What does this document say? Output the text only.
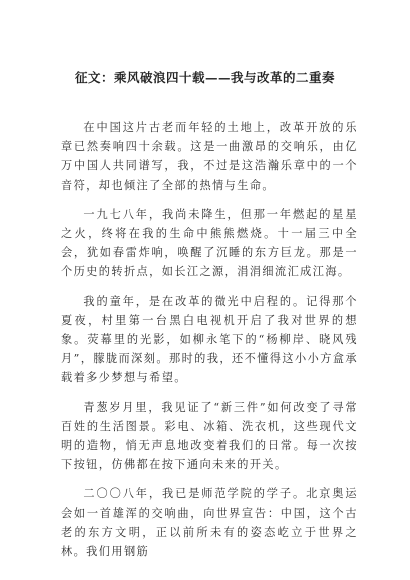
征文：乘风破浪四十载——我与改革的二重奏

在中国这片古老而年轻的土地上，改革开放的乐章已然奏响四十余载。这是一曲激昂的交响乐，由亿万中国人共同谱写，我，不过是这浩瀚乐章中的一个音符，却也倾注了全部的热情与生命。

一九七八年，我尚未降生，但那一年燃起的星星之火，终将在我的生命中熊熊燃烧。十一届三中全会，犹如春雷炸响，唤醒了沉睡的东方巨龙。那是一个历史的转折点，如长江之源，涓涓细流汇成江海。

我的童年，是在改革的微光中启程的。记得那个夏夜，村里第一台黑白电视机开启了我对世界的想象。荧幕里的光影，如柳永笔下的“杨柳岸、晓风残月”，朦胧而深刻。那时的我，还不懂得这小小方盒承载着多少梦想与希望。

青葱岁月里，我见证了“新三件”如何改变了寻常百姓的生活图景。彩电、冰箱、洗衣机，这些现代文明的造物，悄无声息地改变着我们的日常。每一次按下按钮，仿佛都在按下通向未来的开关。

二〇〇八年，我已是师范学院的学子。北京奥运会如一首雄浑的交响曲，向世界宣告：中国，这个古老的东方文明，正以前所未有的姿态屹立于世界之林。我们用钢筋
